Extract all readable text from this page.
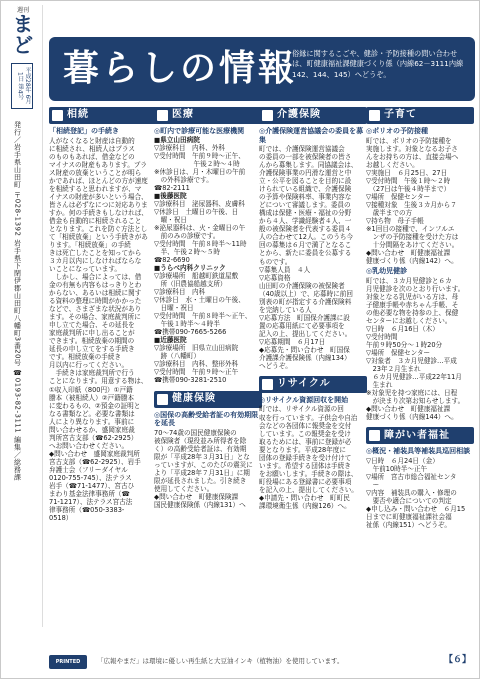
週刊
まど
平成28年 6月1日 第4号
発行／岩手県山田町 〒028-1392 岩手県下閉伊郡山田町八幡町3番20号 ☎0193-82-3111 編集／総務課
暮らしの情報
俗縁に関するこごや、健診・予防接種の問い合わせは、町健康福祉課健康づくり係（内線62－3111内線142、144、145）へどうぞ。
相続
「相続登記」の手続き
人がなくなると財産は自動的
に相続され、相続人はプラス
のものもあれば、借金などの
マイナスの財産もあります。プラ
ス財産の放棄ということが明ら
かであれば、ほとんどの方が速度
を相続すると思われますが、マ
イナスの財産が多いという場合、
皆さんは必ずなにつに対応ありま
すか。何の手続きもしなければ、
借金も自動的に相続されること
となります。これを防ぐ方法とし
て「相続放棄」という手続きがあ
ります。「相続放棄」の手続
きは死亡したことを知ってから
３カ月以内にしなければならな
いことになっています。
　しかし、場合によっては、借
金の有無も内容もはっきりとわ
からない、あるいは相続に関す
る資料の整理に時間がかかった
などで、さまざまな状況があり
ます。その場合、家庭裁判所に
申し立てた場合、その延長を
家庭裁判所に申し出ることが
できます。相続放棄の期間の
延長の申し立てをする手続き
です。相続放棄の手続き
月以内に行ってください。
　手続きは家庭裁判所で行う
ことになります。用意する物は、
①収入印紙（800円）①戸籍
謄本（被相続人）②戸籍謄本
に変わるもの、②預金の証明と
なる書類など。必要な書類は
人により異なります。事前に
問い合わせるか、盛岡家庭裁
判所宮古支部（☎62-2925）
へお問い合わせください。
◆問い合わせ　盛岡家庭裁判所
宮古支部（☎62-2925）、岩手
弁護士会（フリーダイヤル
0120-755-745）、法テラス
岩手（☎71-1477）、宮古ひ
まわり基金法律事務所（☎
71-1217）、法テラス宮古法
律事務所（☎050-3383-
0518）
医療
◎町内で診療可能な医療機関
■県立山田病院
▽診療科目　内科、外科
▽受付時間　午前９時～正午、
　　　　　　午後２時～４時
※休診日は、月・木曜日の午前
　の外科診療です。
☎82-2111
■後藤医院
▽診療科目　泌尿器科、皮膚科
▽休診日　土曜日の午後、日
　曜・祝日
※泌尿器科は、火・金曜日の午
　前のみの診療です。
▽受付時間　午前８時半～11時
　半、午後２時～５時
☎82-6690
■うらべ内科クリニック
▽診療場所　船越町鉄道屋敷
　所（旧農協船越支所）
▽診療科目　内科
▽休診日　水・土曜日の午後、
　日曜・祝日
▽受付時間　午前８時半～正午、
　午後１時半～４時半
☎携帯090-7665-5266
■近藤医院
▽診療場所　旧県立山田病院
　跡（八幡町）
▽診療科目　内科、整形外科
▽受付時間　午前９時～正午
☎携帯090-3281-2510
健康保険
◎国保の高齢受給者証の有効期限を延長
70～74歳の国民健康保険の
被保険者（現役並み所得者を除
く）の高齢受給者証は、有効期
限が「平成28年３月31日」とな
っていますが、このたびの震災に
より「平成28年７月31日」に期
限が延長されました。引き続き
使用してください。
◆問い合わせ　町健康保険課
国民健康保険係（内線131）へ
介護保険
◎介護保険運営協議会の委員を募集
町では、介護保険運営協議会
の委員の一部を被保険者の皆さ
んから募集します。同協議会は、
介護保険事業の円滑な運営と中
立・公平を図ることを目的に設
けられている組織で、介護保険
の予算や保険料率、事業内容な
どについて審議します。委員の
構成は保健・医療・福祉の分野
から４人、学識経験者４人、一
般の被保険者を代表する委員４
人の合わせて12人。このうち今
回の募集は６月で満了となるこ
とから、新たに委員を公募する
ものです。
▽募集人員　４人
▽応募資格
山田町の介護保険の被保険者
（40歳以上）で、応募時に前回
別表の町が指定する介護保険料
を完納している人
▽応募方法　町国保介護課に設
置の応募用紙にて必要事項を
記入の上、提出してください。
▽応募期間　６月17日
◆応募先・問い合わせ　町国保
介護課介護保険係（内線134）
へどうぞ。
リサイクル
◎リサイクル資源回収を開始
町では、リサイクル資源の回
収を行っています。子供会や自治
会などの各団体に報奨金を交付
しています。この報奨金を受け
取るためには、事前に登録が必
要となります。平成28年度に
団体の登録手続きを受け付けて
います。希望する団体は手続き
をお願いします。手続きの際は、
町役場にある登録書に必要事項
を記入の上、提出してください。
◆申請先・問い合わせ　町町民
課環境衛生係（内線126）へ。
子育て
◎ポリオの予防接種
町では、ポリオの予防接種を
実施します。対象となるお子さ
んをお持ちの方は、直接会場へ
お越しください。
▽実施日　６月25日、27日
▽受付時間　午後１時～２時
　（27日は午後４時半まで）
▽場所　保健センター
▽接種対象　生後３カ月から７
　歳半までの方
▽持ち物　母子手帳
※1回目の接種で、インフルエ
　ンザの予防接種を受けた方は
　十分間隔をあけてください。
◆問い合わせ　町健康福祉課
健康づくり係（内線142）へ。
◎乳幼児健診
町では、３カ月児健診と６カ
月児健診を次のとおり行います。
対象となる乳児がいる方は、母
子健康手帳や赤ちゃん手帳、そ
の他必要な物を持参の上、保健
センターにお越しください。
▽日時　６月16日（木）
▽受付時間
午前９時50分～１時20分
▽場所　保健センター
▽対象者　３カ月児健診…平成
　23年２月生まれ
　６カ月児健診…平成22年11月
　生まれ
※対象児を持つ家庭には、日程
　が決まり次第お知らせします。
◆問い合わせ　町健康福祉課
健康づくり係（内線144）へ。
障がい者福祉
◎概況・補装具等補装具巡回相談
▽日時　６月24日（金）
　午前10時半～正午
▽場所　宮古市総合福祉センタ
　ー
▽内容　補装具の購入・修理の
　要否や適合についての判定
◆申し込み・問い合わせ　６月15
日までに町健康福祉課社会福
祉係（内線151）へどうぞ。
PRINTED WITH SOY INK
「広報やまだ」は環境に優しい再生紙と大豆油インキ（植物油）を使用しています。	【６】
